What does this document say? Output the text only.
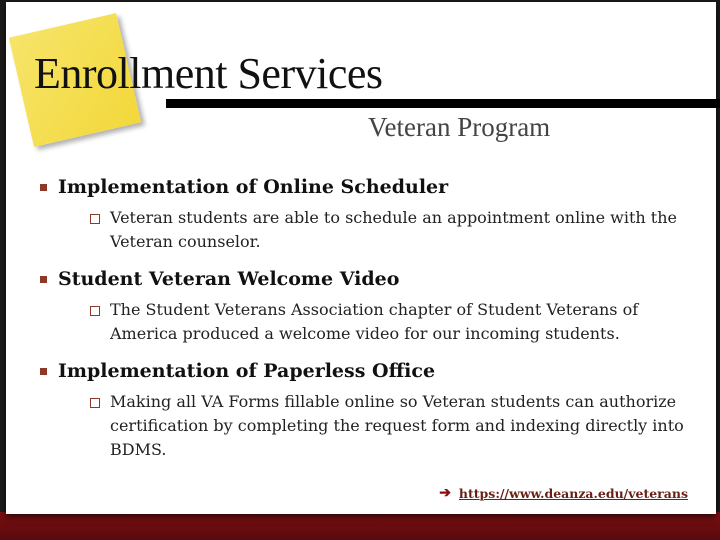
Enrollment Services
Veteran Program
Implementation of Online Scheduler
Veteran students are able to schedule an appointment online with the Veteran counselor.
Student Veteran Welcome Video
The Student Veterans Association chapter of Student Veterans of America produced a welcome video for our incoming students.
Implementation of Paperless Office
Making all VA Forms fillable online so Veteran students can authorize certification by completing the request form and indexing directly into BDMS.
➔ https://www.deanza.edu/veterans
